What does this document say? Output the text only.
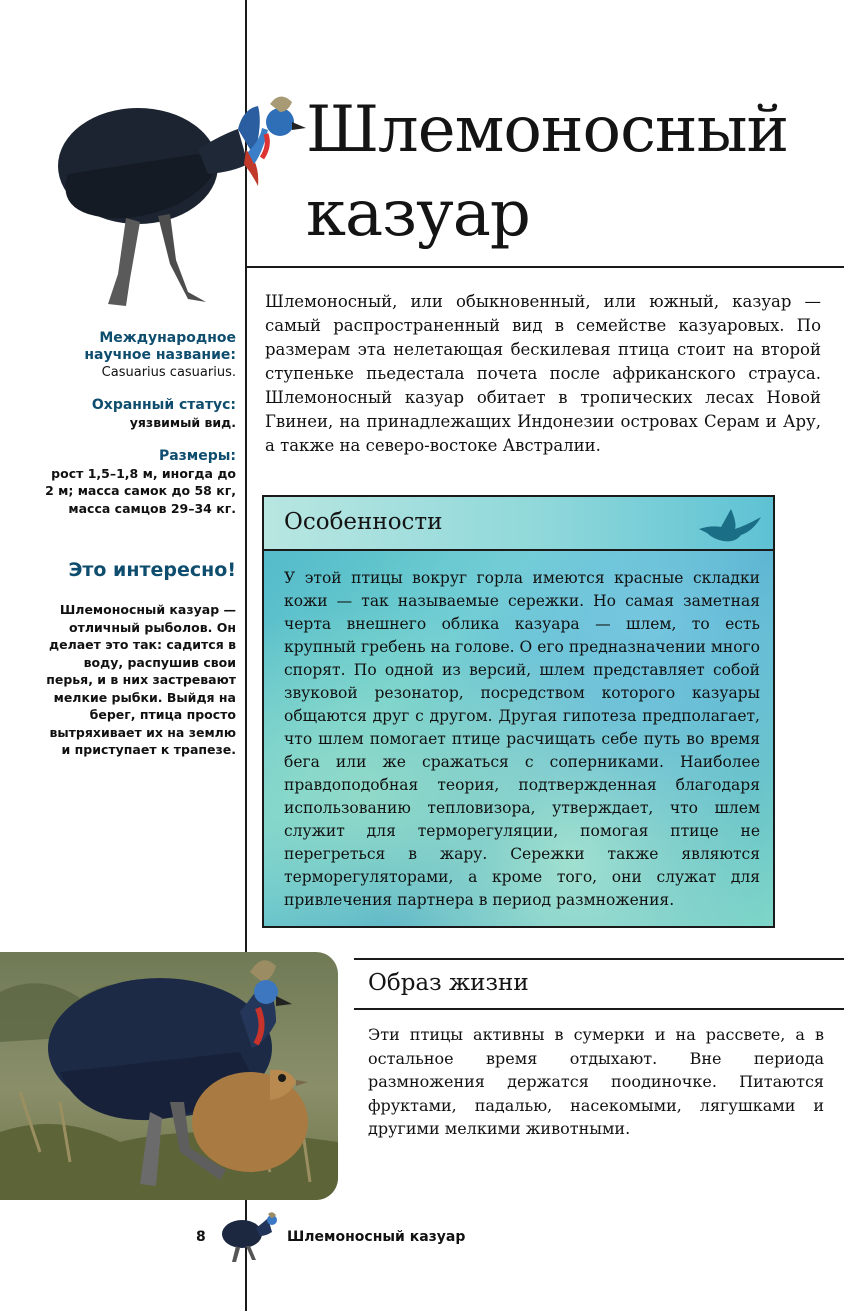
Шлемоносный
казуар
Международное научное название:
Casuarius casuarius.
Охранный статус:
уязвимый вид.
Размеры:
рост 1,5–1,8 м, иногда до 2 м; масса самок до 58 кг, масса самцов 29–34 кг.
Это интересно!
Шлемоносный казуар — отличный рыболов. Он делает это так: садится в воду, распушив свои перья, и в них застревают мелкие рыбки. Выйдя на берег, птица просто вытряхивает их на землю и приступает к трапезе.

Шлемоносный, или обыкновенный, или южный, казуар — самый распространенный вид в семействе казуаровых. По размерам эта нелетающая бескилевая птица стоит на второй ступеньке пьедестала почета после африканского страуса. Шлемоносный казуар обитает в тропических лесах Новой Гвинеи, на принадлежащих Индонезии островах Серам и Ару, а также на северо-востоке Австралии.

Особенности

У этой птицы вокруг горла имеются красные складки кожи — так называемые сережки. Но самая заметная черта внешнего облика казуара — шлем, то есть крупный гребень на голове. О его предназначении много спорят. По одной из версий, шлем представляет собой звуковой резонатор, посредством которого казуары общаются друг с другом. Другая гипотеза предполагает, что шлем помогает птице расчищать себе путь во время бега или же сражаться с соперниками. Наиболее правдоподобная теория, подтвержденная благодаря использованию тепловизора, утверждает, что шлем служит для терморегуляции, помогая птице не перегреться в жару. Сережки также являются терморегуляторами, а кроме того, они служат для привлечения партнера в период размножения.

Образ жизни

Эти птицы активны в сумерки и на рассвете, а в остальное время отдыхают. Вне периода размножения держатся поодиночке. Питаются фруктами, падалью, насекомыми, лягушками и другими мелкими животными.

8	Шлемоносный казуар
